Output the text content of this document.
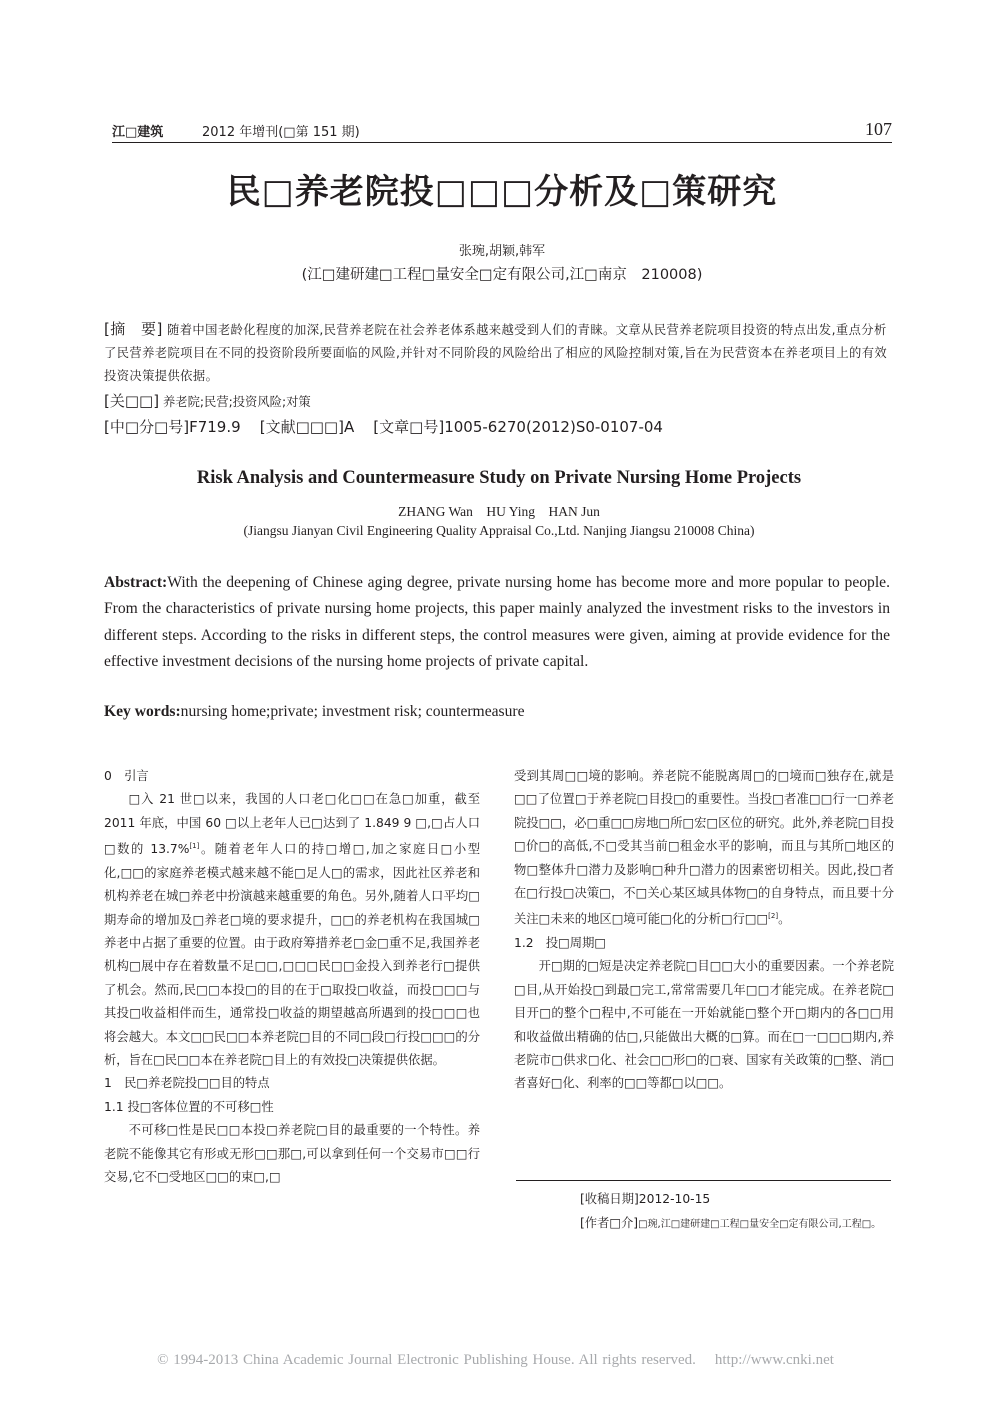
江□建筑	2012 年增刊(□第 151 期)	107
民□养老院投□□□分析及□策研究
张琬,胡颖,韩军
(江□建研建□工程□量安全□定有限公司,江□南京　210008)
[摘　要] 随着中国老龄化程度的加深,民营养老院在社会养老体系越来越受到人们的青睐。文章从民营养老院项目投资的特点出发,重点分析了民营养老院项目在不同的投资阶段所要面临的风险,并针对不同阶段的风险给出了相应的风险控制对策,旨在为民营资本在养老项目上的有效投资决策提供依据。
[关□□] 养老院;民营;投资风险;对策
[中□分□号]F719.9 [文献□□□]A [文章□号]1005-6270(2012)S0-0107-04
Risk Analysis and Countermeasure Study on Private Nursing Home Projects
ZHANG Wan　HU Ying　HAN Jun
(Jiangsu Jianyan Civil Engineering Quality Appraisal Co.,Ltd. Nanjing Jiangsu 210008 China)
Abstract:With the deepening of Chinese aging degree, private nursing home has become more and more popular to people. From the characteristics of private nursing home projects, this paper mainly analyzed the investment risks to the investors in different steps. According to the risks in different steps, the control measures were given, aiming at provide evidence for the effective investment decisions of the nursing home projects of private capital.
Key words:nursing home;private; investment risk; countermeasure

0　引言

□入 21 世□以来，我国的人口老□化□□在急□加重，截至 2011 年底，中国 60 □以上老年人已□达到了 1.849 9 □,□占人口□数的 13.7%[1]。随着老年人口的持□增□,加之家庭日□小型化,□□的家庭养老模式越来越不能□足人□的需求，因此社区养老和机构养老在城□养老中扮演越来越重要的角色。另外,随着人口平均□期寿命的增加及□养老□境的要求提升，□□的养老机构在我国城□养老中占据了重要的位置。由于政府筹措养老□金□重不足,我国养老机构□展中存在着数量不足□□,□□□民□□金投入到养老行□提供了机会。然而,民□□本投□的目的在于□取投□收益，而投□□□与其投□收益相伴而生，通常投□收益的期望越高所遇到的投□□□也将会越大。本文□□民□□本养老院□目的不同□段□行投□□□的分析，旨在□民□□本在养老院□目上的有效投□决策提供依据。

1　民□养老院投□□目的特点

1.1 投□客体位置的不可移□性

不可移□性是民□□本投□养老院□目的最重要的一个特性。养老院不能像其它有形或无形□□那□,可以拿到任何一个交易市□□行交易,它不□受地区□□的束□,□

受到其周□□境的影响。养老院不能脱离周□的□境而□独存在,就是□□了位置□于养老院□目投□的重要性。当投□者准□□行一□养老院投□□，必□重□□房地□所□宏□区位的研究。此外,养老院□目投□价□的高低,不□受其当前□租金水平的影响，而且与其所□地区的物□整体升□潜力及影响□种升□潜力的因素密切相关。因此,投□者在□行投□决策□，不□关心某区域具体物□的自身特点，而且要十分关注□未来的地区□境可能□化的分析□行□□[2]。

1.2　投□周期□

开□期的□短是决定养老院□目□□大小的重要因素。一个养老院□目,从开始投□到最□完工,常常需要几年□□才能完成。在养老院□目开□的整个□程中,不可能在一开始就能□整个开□期内的各□□用和收益做出精确的估□,只能做出大概的□算。而在□一□□□期内,养老院市□供求□化、社会□□形□的□衰、国家有关政策的□整、消□者喜好□化、利率的□□等都□以□□。

[收稿日期]2012-10-15
[作者□介]□琬,江□建研建□工程□量安全□定有限公司,工程□。
© 1994-2013 China Academic Journal Electronic Publishing House. All rights reserved. http://www.cnki.net
